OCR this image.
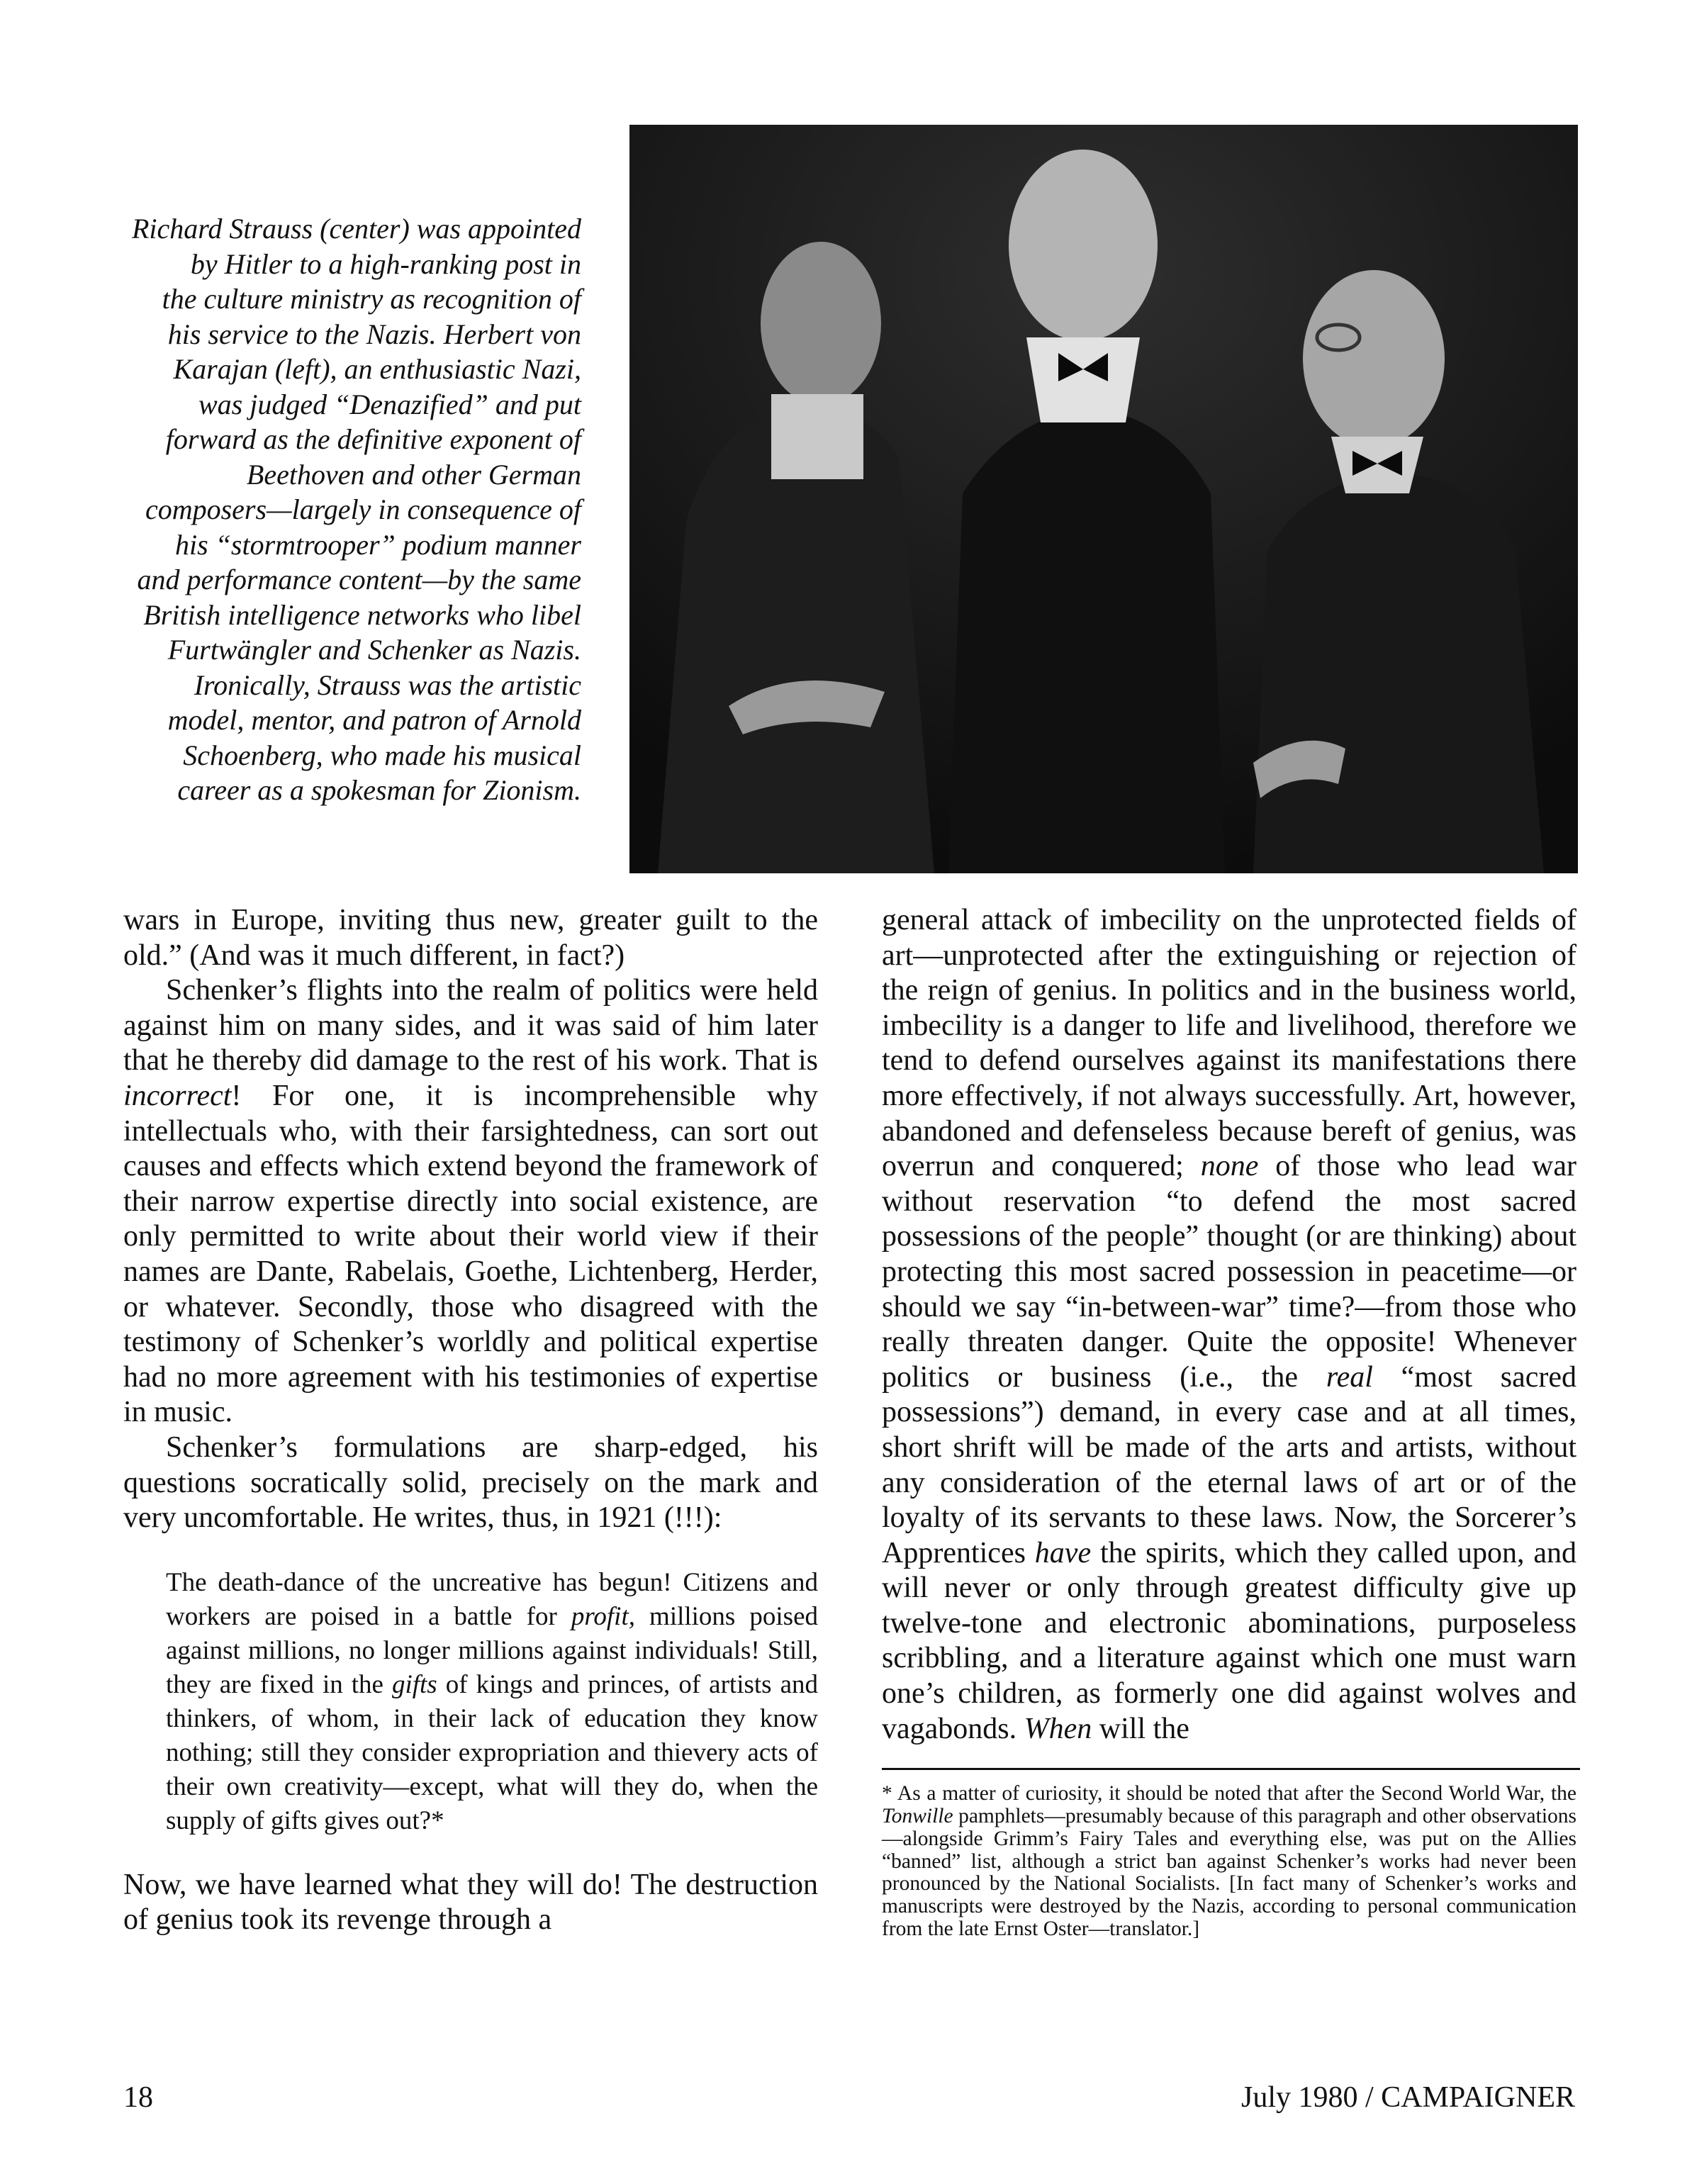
Richard Strauss (center) was appointed
by Hitler to a high-ranking post in
the culture ministry as recognition of
his service to the Nazis. Herbert von
Karajan (left), an enthusiastic Nazi,
was judged “Denazified” and put
forward as the definitive exponent of
Beethoven and other German
composers—largely in consequence of
his “stormtrooper” podium manner
and performance content—by the same
British intelligence networks who libel
Furtwängler and Schenker as Nazis.
Ironically, Strauss was the artistic
model, mentor, and patron of Arnold
Schoenberg, who made his musical
career as a spokesman for Zionism.

wars in Europe, inviting thus new, greater guilt to the old.” (And was it much different, in fact?)

Schenker’s flights into the realm of politics were held against him on many sides, and it was said of him later that he thereby did damage to the rest of his work. That is incorrect! For one, it is incomprehensible why intellectuals who, with their farsightedness, can sort out causes and effects which extend beyond the framework of their narrow expertise directly into social existence, are only permitted to write about their world view if their names are Dante, Rabelais, Goethe, Lichtenberg, Herder, or whatever. Secondly, those who disagreed with the testimony of Schenker’s worldly and political expertise had no more agreement with his testimonies of expertise in music.

Schenker’s formulations are sharp-edged, his questions socratically solid, precisely on the mark and very uncomfortable. He writes, thus, in 1921 (!!!):

The death-dance of the uncreative has begun! Citizens and workers are poised in a battle for profit, millions poised against millions, no longer millions against individuals! Still, they are fixed in the gifts of kings and princes, of artists and thinkers, of whom, in their lack of education they know nothing; still they consider expropriation and thievery acts of their own creativity—except, what will they do, when the supply of gifts gives out?*

Now, we have learned what they will do! The destruction of genius took its revenge through a

general attack of imbecility on the unprotected fields of art—unprotected after the extinguishing or rejection of the reign of genius. In politics and in the business world, imbecility is a danger to life and livelihood, therefore we tend to defend ourselves against its manifestations there more effectively, if not always successfully. Art, however, abandoned and defenseless because bereft of genius, was overrun and conquered; none of those who lead war without reservation “to defend the most sacred possessions of the people” thought (or are thinking) about protecting this most sacred possession in peacetime—or should we say “in-between-war” time?—from those who really threaten danger. Quite the opposite! Whenever politics or business (i.e., the real “most sacred possessions”) demand, in every case and at all times, short shrift will be made of the arts and artists, without any consideration of the eternal laws of art or of the loyalty of its servants to these laws. Now, the Sorcerer’s Apprentices have the spirits, which they called upon, and will never or only through greatest difficulty give up twelve-tone and electronic abominations, purposeless scribbling, and a literature against which one must warn one’s children, as formerly one did against wolves and vagabonds. When will the

* As a matter of curiosity, it should be noted that after the Second World War, the Tonwille pamphlets—presumably because of this paragraph and other observations—alongside Grimm’s Fairy Tales and everything else, was put on the Allies “banned” list, although a strict ban against Schenker’s works had never been pronounced by the National Socialists. [In fact many of Schenker’s works and manuscripts were destroyed by the Nazis, according to personal communication from the late Ernst Oster—translator.]

18	July 1980 / CAMPAIGNER
